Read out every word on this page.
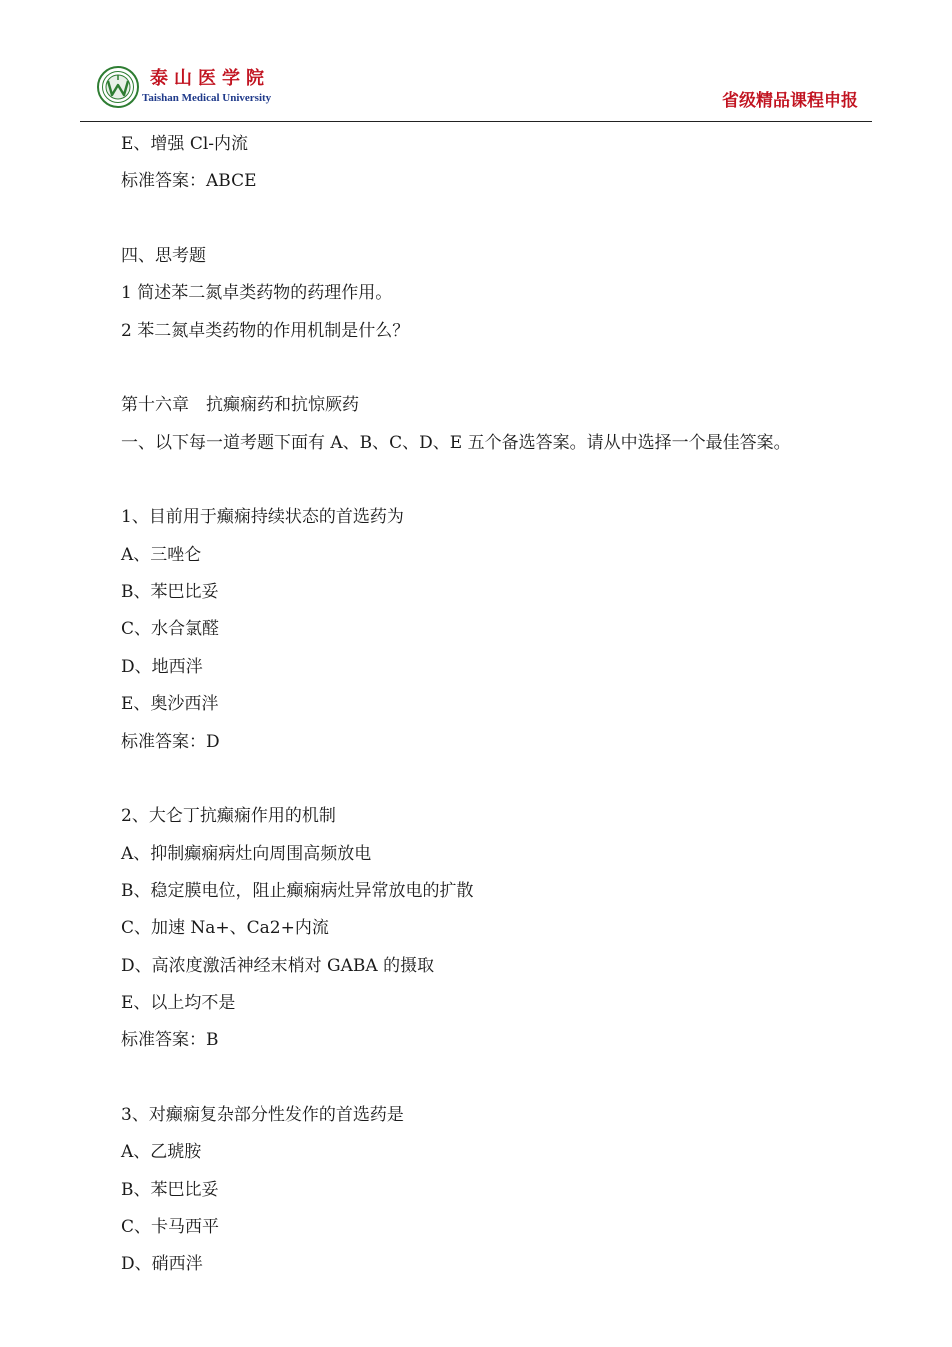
泰山医学院
Taishan Medical University	省级精品课程申报
E、增强 Cl-内流
标准答案：ABCE
四、思考题
1 简述苯二氮卓类药物的药理作用。
2 苯二氮卓类药物的作用机制是什么？
第十六章　抗癫痫药和抗惊厥药
一、以下每一道考题下面有 A、B、C、D、E 五个备选答案。请从中选择一个最佳答案。
1、目前用于癫痫持续状态的首选药为
A、三唑仑
B、苯巴比妥
C、水合氯醛
D、地西泮
E、奥沙西泮
标准答案：D
2、大仑丁抗癫痫作用的机制
A、抑制癫痫病灶向周围高频放电
B、稳定膜电位，阻止癫痫病灶异常放电的扩散
C、加速 Na+、Ca2+内流
D、高浓度激活神经末梢对 GABA 的摄取
E、以上均不是
标准答案：B
3、对癫痫复杂部分性发作的首选药是
A、乙琥胺
B、苯巴比妥
C、卡马西平
D、硝西泮
